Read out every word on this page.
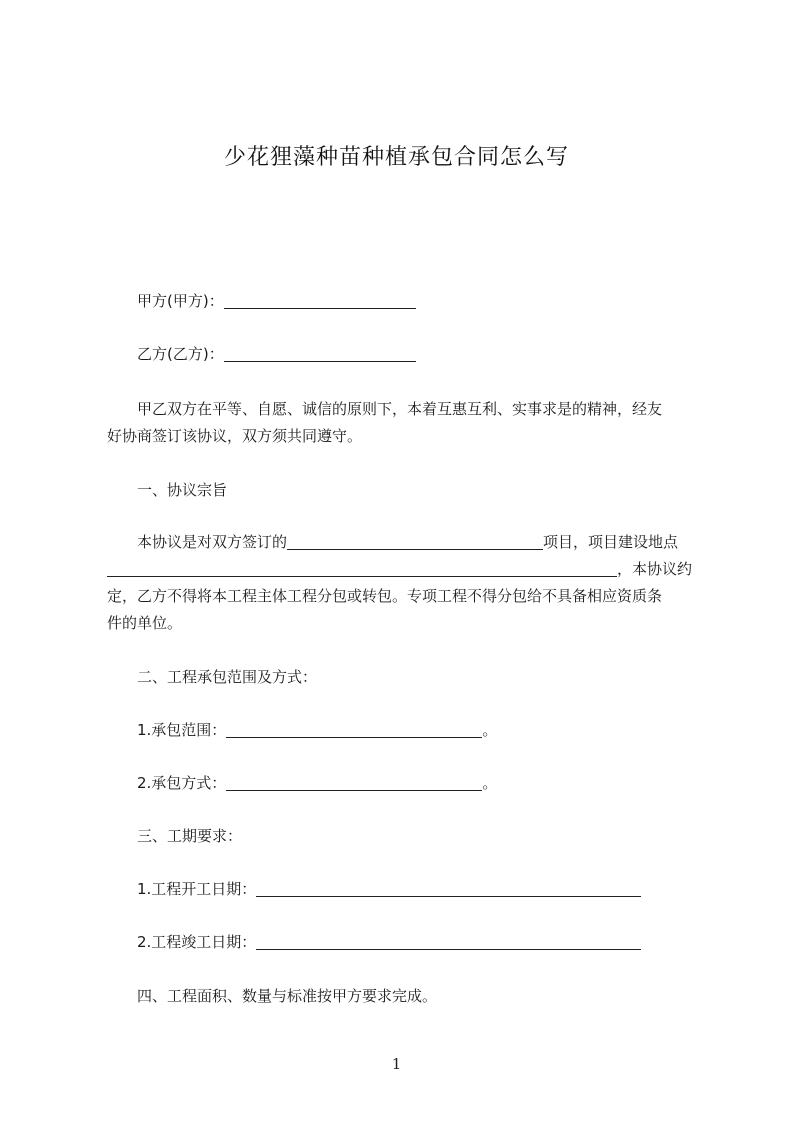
少花狸藻种苗种植承包合同怎么写
甲方(甲方)：
乙方(乙方)：
甲乙双方在平等、自愿、诚信的原则下，本着互惠互利、实事求是的精神，经友
好协商签订该协议，双方须共同遵守。
一、协议宗旨
本协议是对双方签订的	项目，项目建设地点
，本协议约
定，乙方不得将本工程主体工程分包或转包。专项工程不得分包给不具备相应资质条
件的单位。
二、工程承包范围及方式：
1.承包范围：	。
2.承包方式：	。
三、工期要求：
1.工程开工日期：
2.工程竣工日期：
四、工程面积、数量与标准按甲方要求完成。
1
